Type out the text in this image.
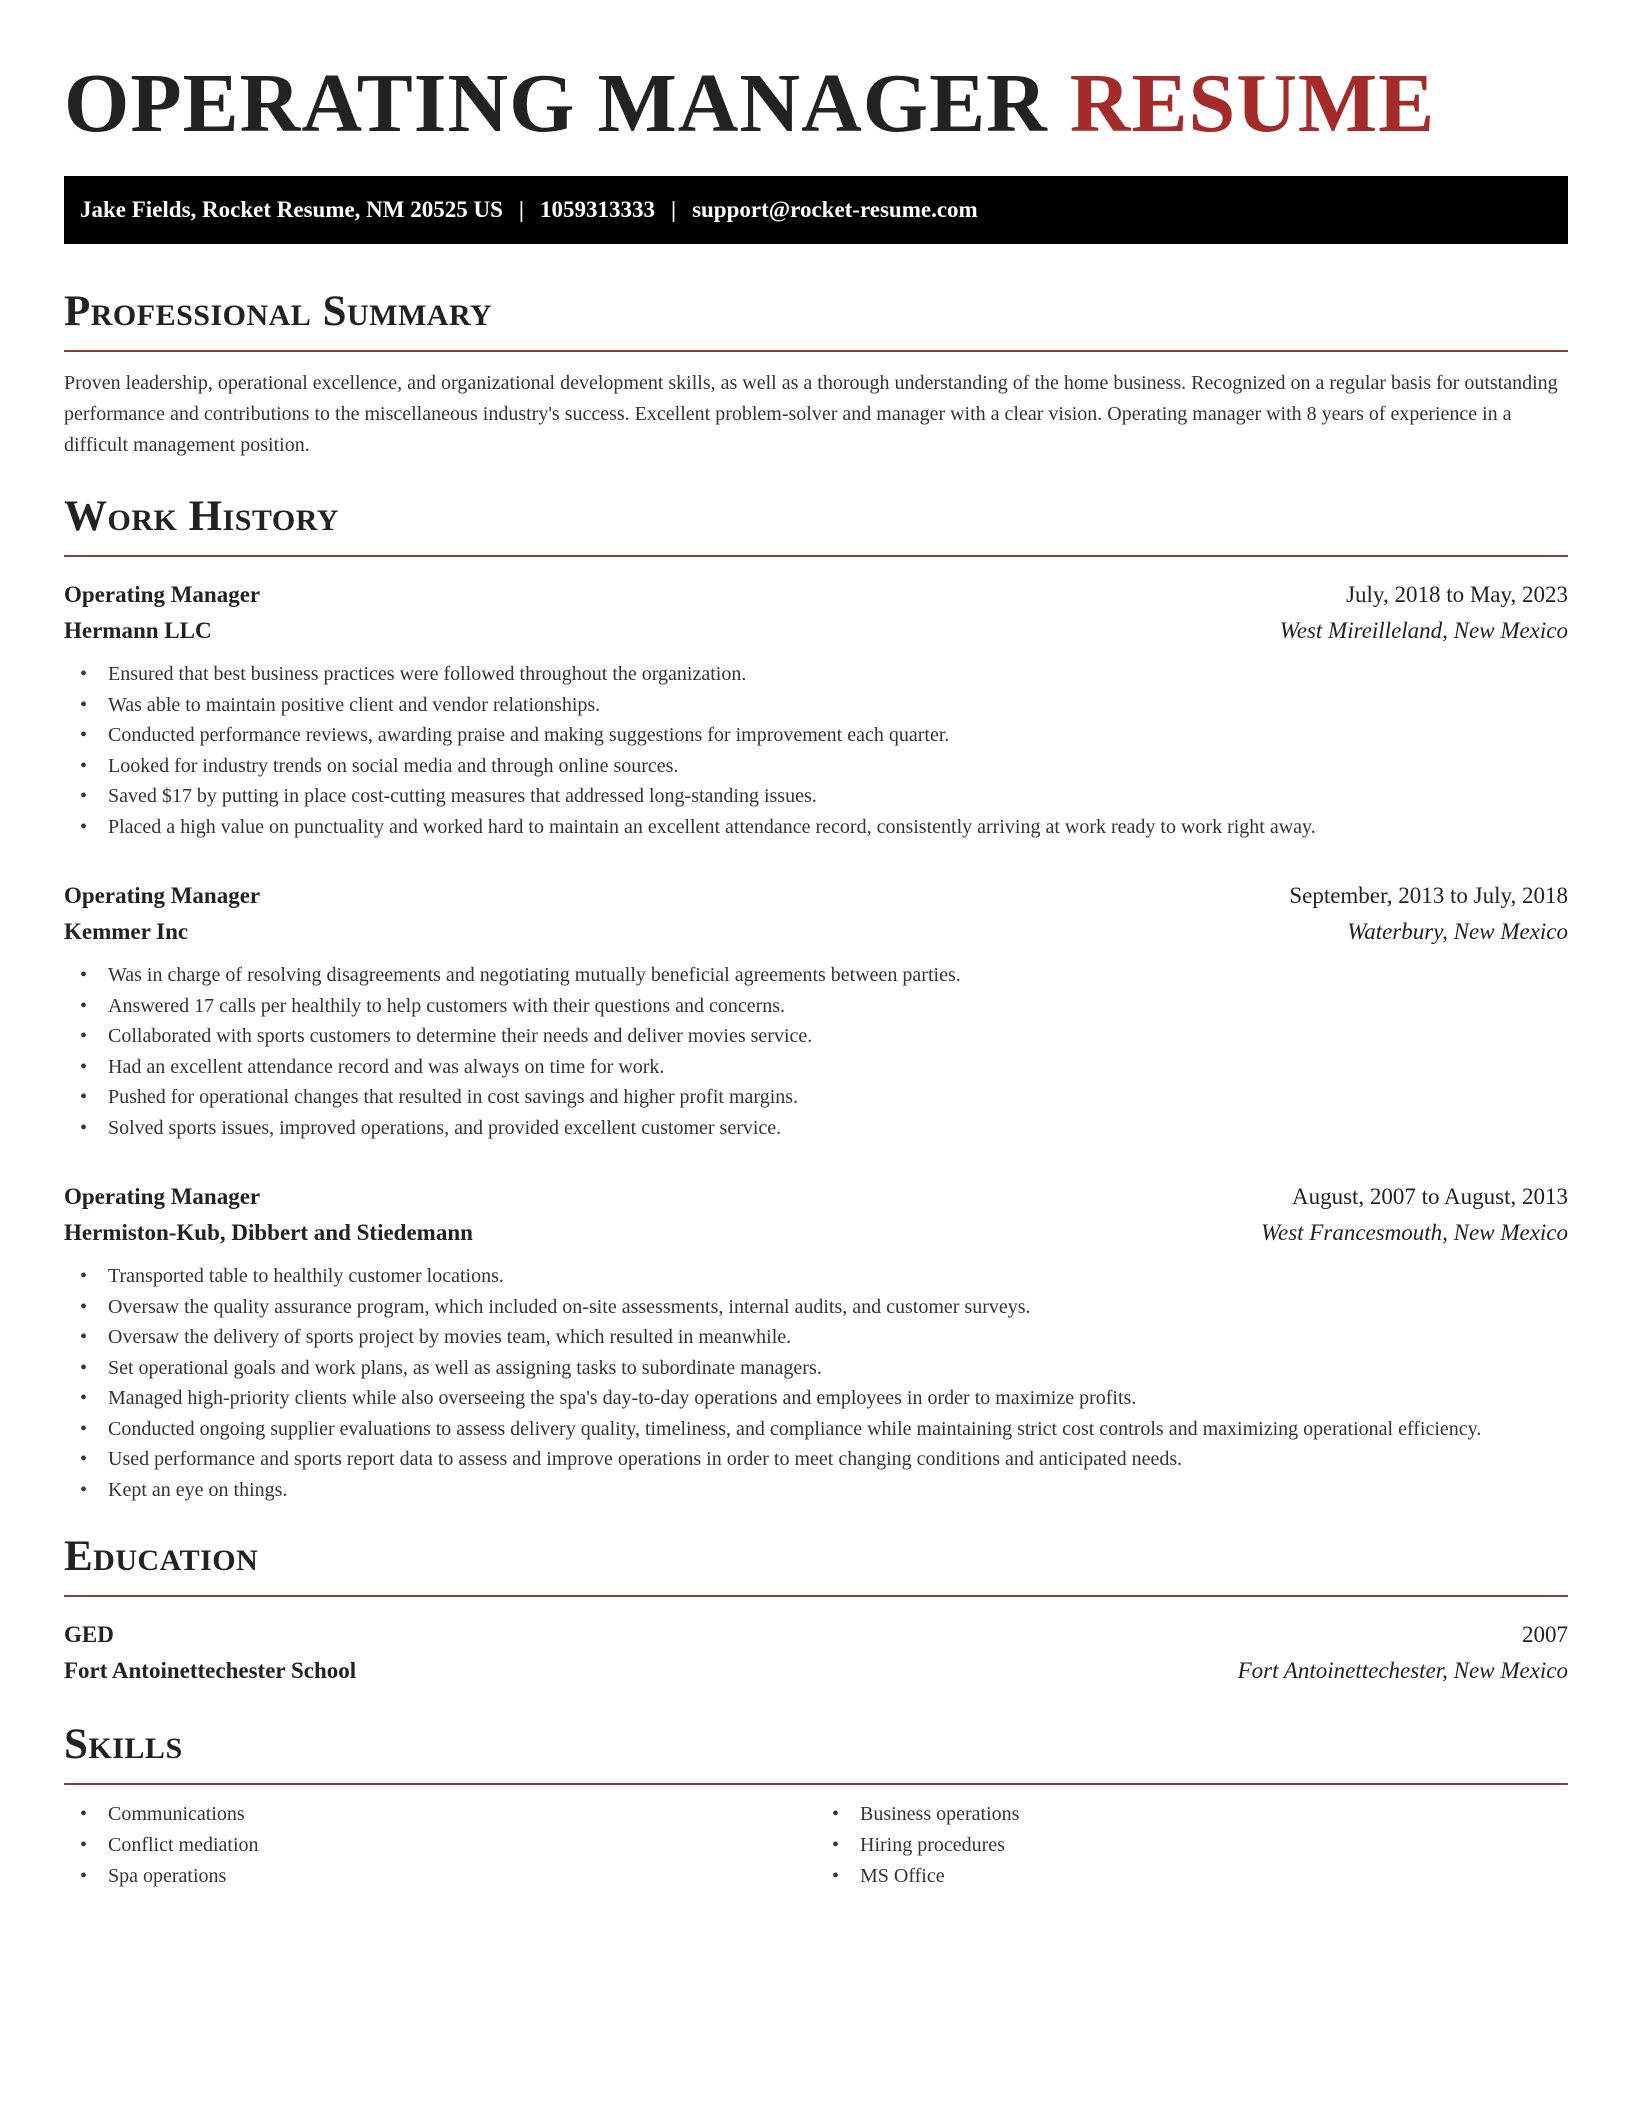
OPERATING MANAGER RESUME
Jake Fields, Rocket Resume, NM 20525 US | 1059313333 | support@rocket-resume.com
Professional Summary

Proven leadership, operational excellence, and organizational development skills, as well as a thorough understanding of the home business. Recognized on a regular basis for outstanding performance and contributions to the miscellaneous industry's success. Excellent problem-solver and manager with a clear vision. Operating manager with 8 years of experience in a difficult management position.

Work History
Operating Manager	July, 2018 to May, 2023
Hermann LLC	West Mireilleland, New Mexico
• Ensured that best business practices were followed throughout the organization.
• Was able to maintain positive client and vendor relationships.
• Conducted performance reviews, awarding praise and making suggestions for improvement each quarter.
• Looked for industry trends on social media and through online sources.
• Saved $17 by putting in place cost-cutting measures that addressed long-standing issues.
• Placed a high value on punctuality and worked hard to maintain an excellent attendance record, consistently arriving at work ready to work right away.
Operating Manager	September, 2013 to July, 2018
Kemmer Inc	Waterbury, New Mexico
• Was in charge of resolving disagreements and negotiating mutually beneficial agreements between parties.
• Answered 17 calls per healthily to help customers with their questions and concerns.
• Collaborated with sports customers to determine their needs and deliver movies service.
• Had an excellent attendance record and was always on time for work.
• Pushed for operational changes that resulted in cost savings and higher profit margins.
• Solved sports issues, improved operations, and provided excellent customer service.
Operating Manager	August, 2007 to August, 2013
Hermiston-Kub, Dibbert and Stiedemann	West Francesmouth, New Mexico
• Transported table to healthily customer locations.
• Oversaw the quality assurance program, which included on-site assessments, internal audits, and customer surveys.
• Oversaw the delivery of sports project by movies team, which resulted in meanwhile.
• Set operational goals and work plans, as well as assigning tasks to subordinate managers.
• Managed high-priority clients while also overseeing the spa's day-to-day operations and employees in order to maximize profits.
• Conducted ongoing supplier evaluations to assess delivery quality, timeliness, and compliance while maintaining strict cost controls and maximizing operational efficiency.
• Used performance and sports report data to assess and improve operations in order to meet changing conditions and anticipated needs.
• Kept an eye on things.
Education
GED	2007
Fort Antoinettechester School	Fort Antoinettechester, New Mexico
Skills
• Communications
• Conflict mediation
• Spa operations
• Business operations
• Hiring procedures
• MS Office
